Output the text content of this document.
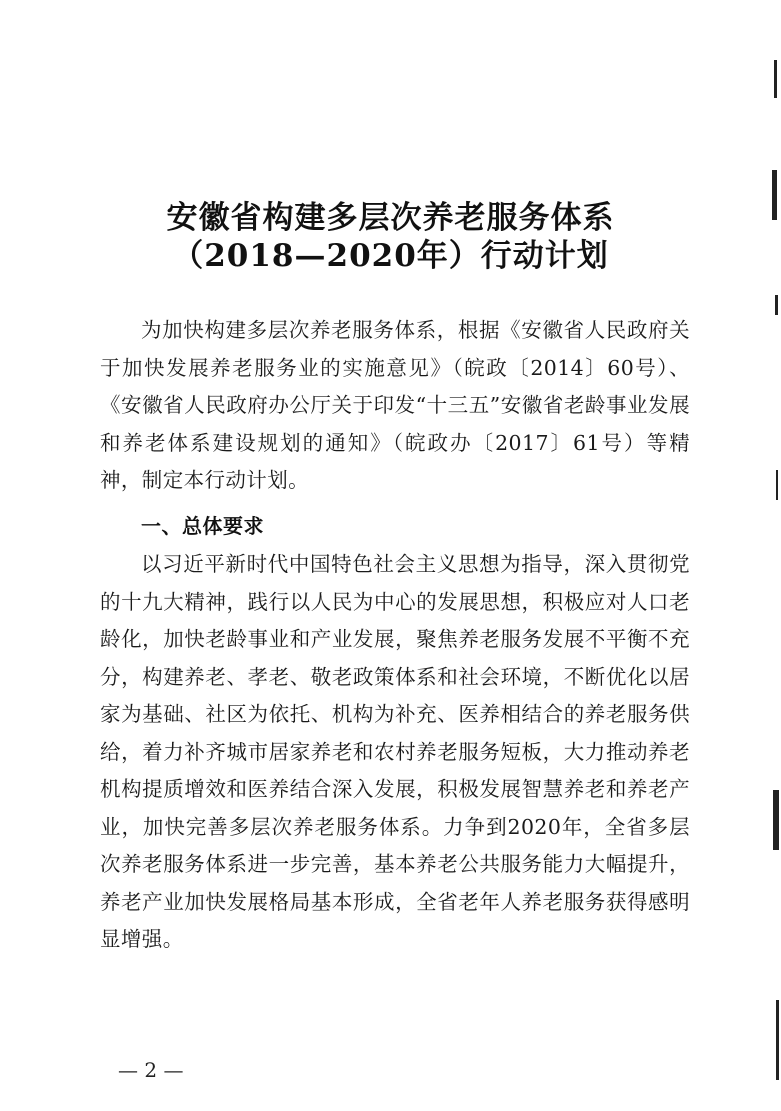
安徽省构建多层次养老服务体系
（2018—2020年）行动计划
为加快构建多层次养老服务体系，根据《安徽省人民政府关于加快发展养老服务业的实施意见》（皖政〔2014〕60号）、《安徽省人民政府办公厅关于印发“十三五”安徽省老龄事业发展和养老体系建设规划的通知》（皖政办〔2017〕61号）等精神，制定本行动计划。
一、总体要求
以习近平新时代中国特色社会主义思想为指导，深入贯彻党的十九大精神，践行以人民为中心的发展思想，积极应对人口老龄化，加快老龄事业和产业发展，聚焦养老服务发展不平衡不充分，构建养老、孝老、敬老政策体系和社会环境，不断优化以居家为基础、社区为依托、机构为补充、医养相结合的养老服务供给，着力补齐城市居家养老和农村养老服务短板，大力推动养老机构提质增效和医养结合深入发展，积极发展智慧养老和养老产业，加快完善多层次养老服务体系。力争到2020年，全省多层次养老服务体系进一步完善，基本养老公共服务能力大幅提升，养老产业加快发展格局基本形成，全省老年人养老服务获得感明显增强。
— 2 —
